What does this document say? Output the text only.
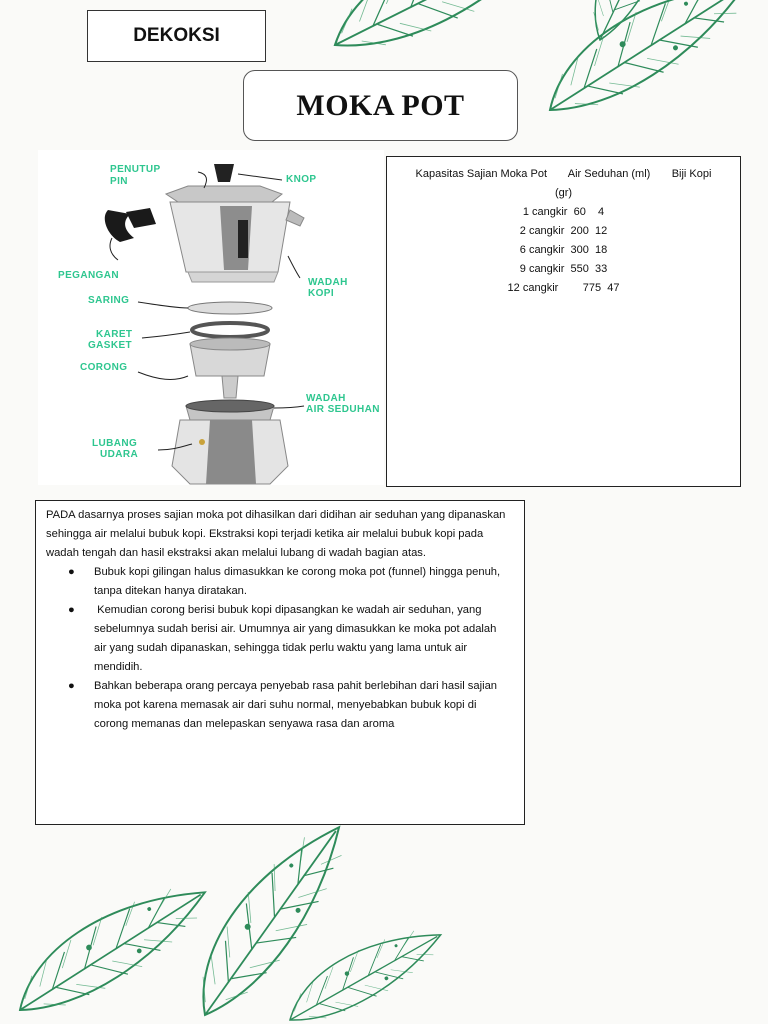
DEKOKSI
MOKA POT
PENUTUP
PIN	KNOP
PEGANGAN
WADAH
KOPI
SARING
KARET
GASKET
CORONG
WADAH
AIR SEDUHAN
LUBANG
UDARA
Kapasitas Sajian Moka Pot       Air Seduhan (ml)       Biji Kopi
(gr)
1 cangkir  60    4
2 cangkir  200  12
6 cangkir  300  18
9 cangkir  550  33
12 cangkir        775  47

PADA dasarnya proses sajian moka pot dihasilkan dari didihan air seduhan yang dipanaskan sehingga air melalui bubuk kopi. Ekstraksi kopi terjadi ketika air melalui bubuk kopi pada wadah tengah dan hasil ekstraksi akan melalui lubang di wadah bagian atas.

● Bubuk kopi gilingan halus dimasukkan ke corong moka pot (funnel) hingga penuh, tanpa ditekan hanya diratakan.
● Kemudian corong berisi bubuk kopi dipasangkan ke wadah air seduhan, yang sebelumnya sudah berisi air. Umumnya air yang dimasukkan ke moka pot adalah air yang sudah dipanaskan, sehingga tidak perlu waktu yang lama untuk air mendidih.
● Bahkan beberapa orang percaya penyebab rasa pahit berlebihan dari hasil sajian moka pot karena memasak air dari suhu normal, menyebabkan bubuk kopi di corong memanas dan melepaskan senyawa rasa dan aroma
